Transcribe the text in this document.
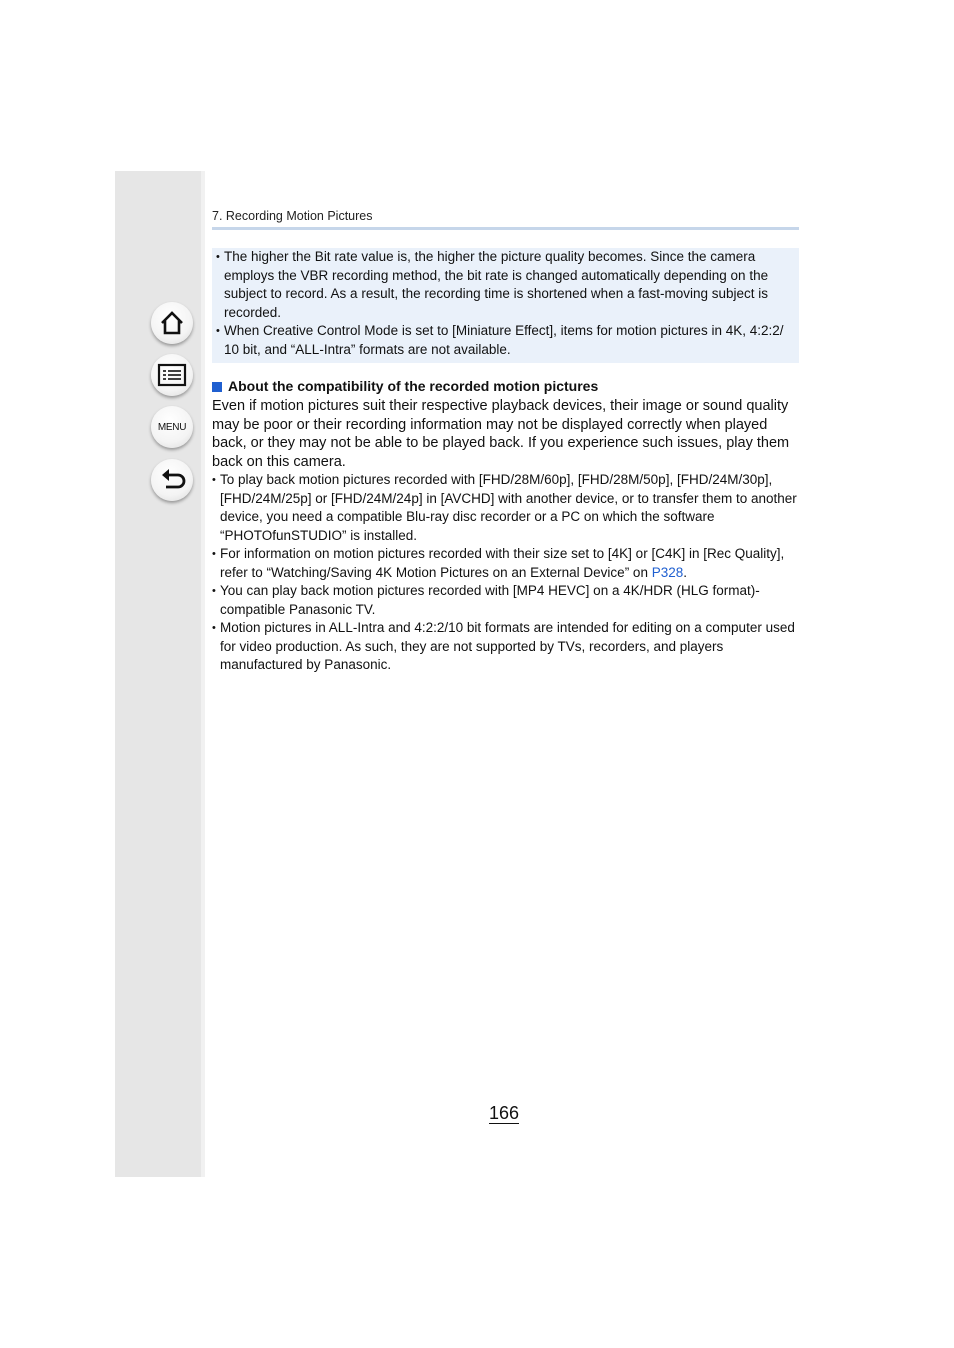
MENU
7. Recording Motion Pictures
• The higher the Bit rate value is, the higher the picture quality becomes. Since the camera employs the VBR recording method, the bit rate is changed automatically depending on the subject to record. As a result, the recording time is shortened when a fast-moving subject is recorded.
• When Creative Control Mode is set to [Miniature Effect], items for motion pictures in 4K, 4:2:2/ 10 bit, and “ALL-Intra” formats are not available.
About the compatibility of the recorded motion pictures
Even if motion pictures suit their respective playback devices, their image or sound quality may be poor or their recording information may not be displayed correctly when played back, or they may not be able to be played back. If you experience such issues, play them back on this camera.
• To play back motion pictures recorded with [FHD/28M/60p], [FHD/28M/50p], [FHD/24M/30p], [FHD/24M/25p] or [FHD/24M/24p] in [AVCHD] with another device, or to transfer them to another device, you need a compatible Blu-ray disc recorder or a PC on which the software “PHOTOfunSTUDIO” is installed.
• For information on motion pictures recorded with their size set to [4K] or [C4K] in [Rec Quality], refer to “Watching/Saving 4K Motion Pictures on an External Device” on P328.
• You can play back motion pictures recorded with [MP4 HEVC] on a 4K/HDR (HLG format)-compatible Panasonic TV.
• Motion pictures in ALL-Intra and 4:2:2/10 bit formats are intended for editing on a computer used for video production. As such, they are not supported by TVs, recorders, and players manufactured by Panasonic.
166
